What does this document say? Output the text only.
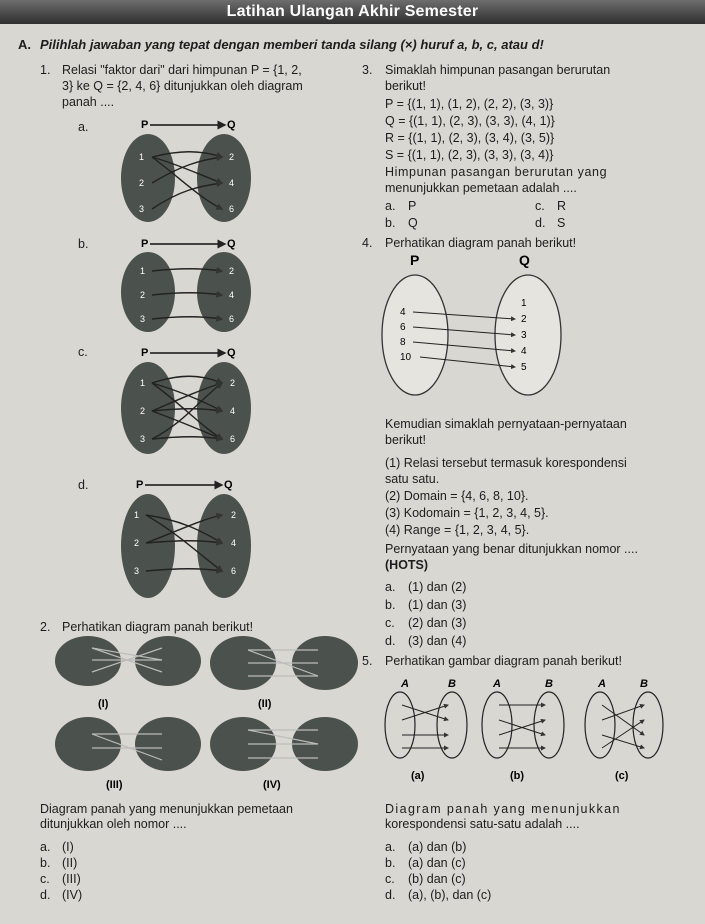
Latihan Ulangan Akhir Semester
A. Pilihlah jawaban yang tepat dengan memberi tanda silang (×) huruf a, b, c, atau d!
1. Relasi "faktor dari" dari himpunan P = {1, 2,
3} ke Q = {2, 4, 6} ditunjukkan oleh diagram
panah ....
a.
b.
c.
d.
P	Q
1
2
3
2
4
6
P	Q
1
2
3
2
4
6
P	Q
1
2
3
2
4
6
P	Q
1
2
3
2
4
6
(I)	(II)
(III)	(IV)
P	Q
4
6
8
10
1
2
3
4
5
A	B	A	B	A	B
(a)	(b)	(c)
2. Perhatikan diagram panah berikut!
Diagram panah yang menunjukkan pemetaan
ditunjukkan oleh nomor ....
a. (I)
b. (II)
c. (III)
d. (IV)
3. Simaklah himpunan pasangan berurutan
berikut!
P = {(1, 1), (1, 2), (2, 2), (3, 3)}
Q = {(1, 1), (2, 3), (3, 3), (4, 1)}
R = {(1, 1), (2, 3), (3, 4), (3, 5)}
S = {(1, 1), (2, 3), (3, 3), (3, 4)}
Himpunan pasangan berurutan yang
menunjukkan pemetaan adalah ....
a. P
b. Q
c. R
d. S
4. Perhatikan diagram panah berikut!
Kemudian simaklah pernyataan-pernyataan
berikut!
(1) Relasi tersebut termasuk korespondensi
satu satu.
(2) Domain = {4, 6, 8, 10}.
(3) Kodomain = {1, 2, 3, 4, 5}.
(4) Range = {1, 2, 3, 4, 5}.
Pernyataan yang benar ditunjukkan nomor ....
(HOTS)
a. (1) dan (2)
b. (1) dan (3)
c. (2) dan (3)
d. (3) dan (4)
5. Perhatikan gambar diagram panah berikut!
Diagram panah yang menunjukkan
korespondensi satu-satu adalah ....
a. (a) dan (b)
b. (a) dan (c)
c. (b) dan (c)
d. (a), (b), dan (c)
